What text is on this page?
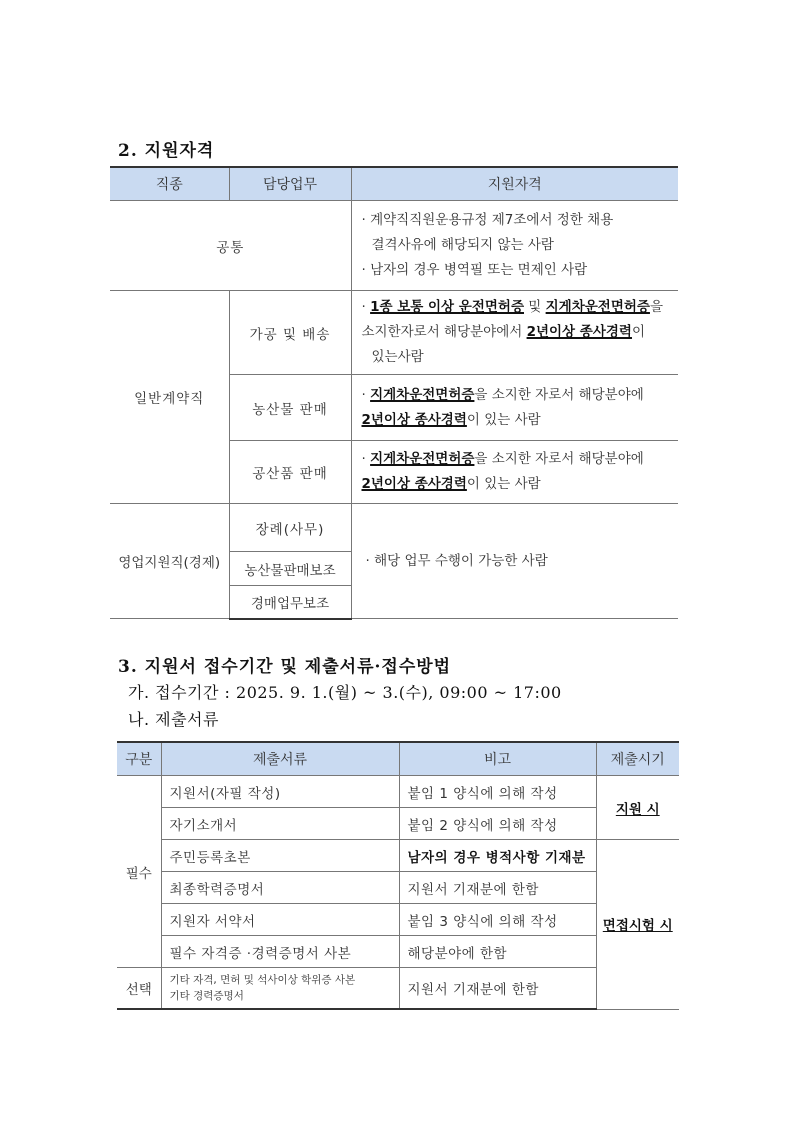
2. 지원자격
직종	담당업무	지원자격
공통		· 계약직직원운용규정 제7조에서 정한 채용
결격사유에 해당되지 않는 사람
· 남자의 경우 병역필 또는 면제인 사람

일반계약직	가공 및 배송	· 1종 보통 이상 운전면허증 및 지게차운전면허증을
소지한자로서 해당분야에서 2년이상 종사경력이
있는사람

	농산물 판매	· 지게차운전면허증을 소지한 자로서 해당분야에
2년이상 종사경력이 있는 사람

	공산품 판매	· 지게차운전면허증을 소지한 자로서 해당분야에
2년이상 종사경력이 있는 사람

영업지원직(경제)	장례(사무)	· 해당 업무 수행이 가능한 사람
	농산물판매보조	
	경매업무보조	
3. 지원서 접수기간 및 제출서류·접수방법
가. 접수기간 : 2025. 9. 1.(월) ~ 3.(수), 09:00 ~ 17:00
나. 제출서류
구분	제출서류	비고	제출시기
필수	지원서(자필 작성)	붙임 1 양식에 의해 작성	지원 시
	자기소개서	붙임 2 양식에 의해 작성	
	주민등록초본	남자의 경우 병적사항 기재분	면접시험 시
	최종학력증명서	지원서 기재분에 한함	
	지원자 서약서	붙임 3 양식에 의해 작성	
	필수 자격증 ·경력증명서 사본	해당분야에 한함	
선택	기타 자격, 면허 및 석사이상 학위증 사본
기타 경력증명서	지원서 기재분에 한함	
